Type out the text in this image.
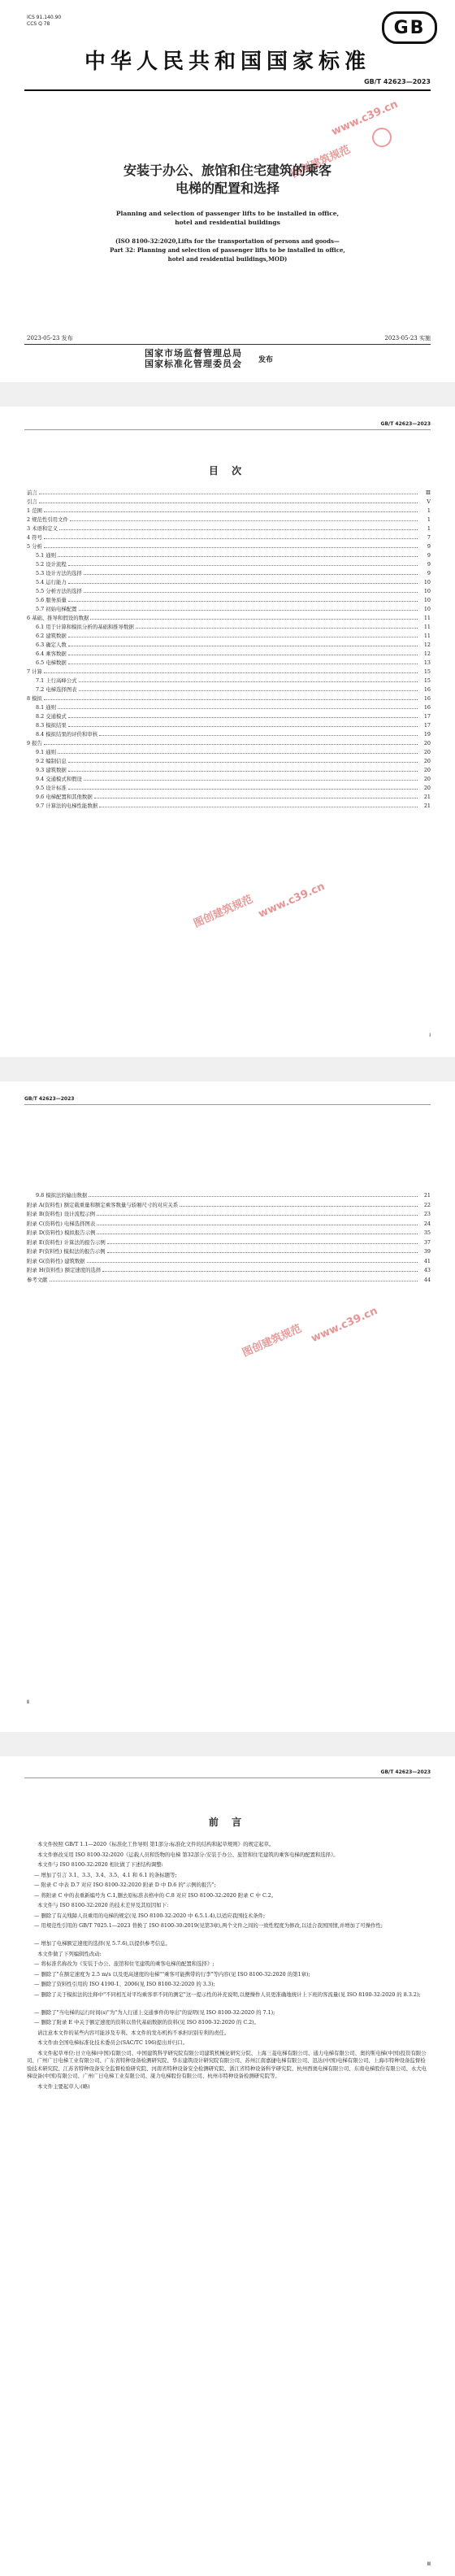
ICS 91.140.90
CCS Q 78	GB
中华人民共和国国家标准
GB/T 42623—2023
www.c39.cn
图创建筑规范
安装于办公、旅馆和住宅建筑的乘客
电梯的配置和选择
Planning and selection of passenger lifts to be installed in office,
hotel and residential buildings
(ISO 8100-32:2020,Lifts for the transportation of persons and goods—
Part 32: Planning and selection of passenger lifts to be installed in office,
hotel and residential buildings,MOD)
2023-05-23 发布	2023-05-23 实施
国家市场监督管理总局
国家标准化管理委员会 发布
GB/T 42623—2023
目 次
前言	Ⅲ
引言	Ⅴ
1 范围	1
2 规范性引用文件	1
3 术语和定义	1
4 符号	7
5 分析	9
5.1 通则	9
5.2 设计流程	9
5.3 设计方法的选择	9
5.4 运行能力	10
5.5 分析方法的选择	10
5.6 服务质量	10
5.7 初始电梯配置	10
6 基础、推导和假设的数据	11
6.1 用于计算和模拟分析的基础和推导数据	11
6.2 建筑数据	11
6.3 确定人数	12
6.4 乘客数据	12
6.5 电梯数据	13
7 计算	15
7.1 上行高峰公式	15
7.2 电梯选择图表	16
8 模拟	16
8.1 通则	16
8.2 交通模式	17
8.3 模拟结果	17
8.4 模拟结果的评价和审核	19
9 报告	20
9.1 通则	20
9.2 编制信息	20
9.3 建筑数据	20
9.4 交通模式和假设	20
9.5 设计标准	20
9.6 电梯配置和其他数据	21
9.7 计算法的电梯性能数据	21
图创建筑规范 www.c39.cn
I
GB/T 42623—2023
9.8 模拟法的输出数据	21
附录 A(资料性) 额定载重量和额定乘客数量与轿厢尺寸的对应关系	22
附录 B(资料性) 设计流程示例	23
附录 C(资料性) 电梯选择图表	24
附录 D(资料性) 模拟报告示例	35
附录 E(资料性) 计算法的报告示例	37
附录 F(资料性) 模拟法的报告示例	39
附录 G(资料性) 建筑数据	41
附录 H(资料性) 额定速度的选择	43
参考文献	44
图创建筑规范 www.c39.cn
Ⅱ
GB/T 42623—2023
前 言
本文件按照 GB/T 1.1—2020《标准化工作导则 第1部分:标准化文件的结构和起草规则》的规定起草。
本文件修改采用 ISO 8100-32:2020《运载人员和货物的电梯 第32部分:安装于办公、旅馆和住宅建筑的乘客电梯的配置和选择》。
本文件与 ISO 8100-32:2020 相比做了下述结构调整:
— 增加了引言 3.1、3.3、3.4、3.5、4.1 和 6.1 的条标题等;
— 附录 C 中表 D.7 对应 ISO 8100-32:2020 附录 D 中 D.6 的"示例的报告";
— 将附录 C 中的表重新编号为 C.1,删去原标准表格中的 C.8 对应 ISO 8100-32:2020 附录 C 中 C.2。
本文件与 ISO 8100-32:2020 的技术差异及其原因如下:
— 删除了有关残障人员乘用的电梯的规定(见 ISO 8100-32:2020 中 6.5.1.4),以适应我国技术条件;
— 用规范性引用的 GB/T 7025.1—2023 替换了 ISO 8100-30:2019(见第3章),两个文件之间的一致性程度为修改,以适合我国国情,并增加了可操作性;
— 增加了电梯额定速度的选择(见 5.7.6),以提供参考信息。
本文件做了下列编辑性改动:
— 将标准名称改为《安装于办公、旅馆和住宅建筑的乘客电梯的配置和选择》;
— 删除了"在额定速度为 2.5 m/s 以及更高速度的电梯""乘客可能携带的行李"等内容(见 ISO 8100-32:2020 的第1章);
— 删除了资料性引用的 ISO 4190-1、2006(见 ISO 8100-32:2020 的 3.3);
— 删除了关于模拟法的注释中"不同相互对平均乘客率不同的测定"这一提示性的补充说明,以便操作人员更准确地统计上下班的客流量(见 ISO 8100-32:2020 的 8.3.2);
— 删除了"当电梯的运行时间(s)"为"为人行道上交通事件的导出"的说明(见 ISO 8100-32:2020 的 7.1);
— 删除了附录 E 中关于额定速度的资料以替代基础数据的资料(见 ISO 8100-32:2020 的 C.2)。
请注意本文件的某些内容可能涉及专利。本文件的发布机构不承担识别专利的责任。
本文件由全国电梯标准化技术委员会(SAC/TC 196)提出并归口。
本文件起草单位:日立电梯(中国)有限公司、中国建筑科学研究院有限公司建筑机械化研究分院、上海三菱电梯有限公司、通力电梯有限公司、奥的斯电梯(中国)投资有限公司、广州广日电梯工业有限公司、广东省特种设备检测研究院、华东建筑设计研究院有限公司、苏州江南嘉捷电梯有限公司、迅达(中国)电梯有限公司、上海市特种设备监督检验技术研究院、江苏省特种设备安全监督检验研究院、河南省特种设备安全检测研究院、浙江省特种设备科学研究院、杭州西奥电梯有限公司、东南电梯股份有限公司、永大电梯设备(中国)有限公司、广州广日电梯工业有限公司、康力电梯股份有限公司、杭州市特种设备检测研究院等。
本文件主要起草人:(略)
Ⅲ
